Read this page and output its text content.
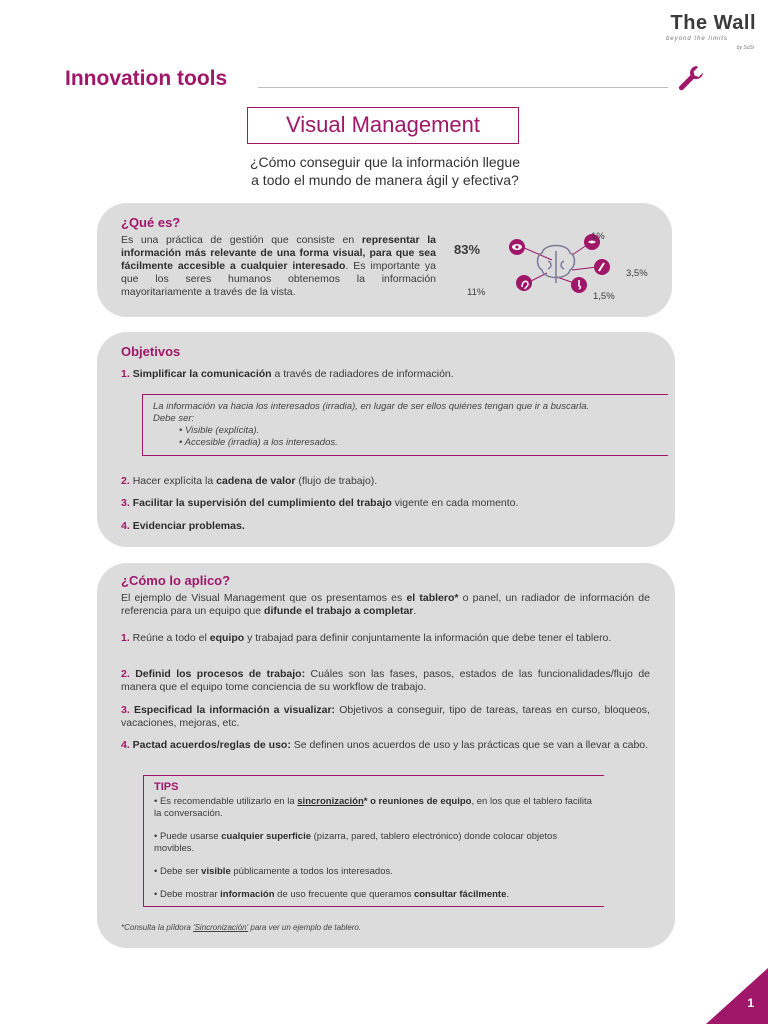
The Wall
beyond the limits
by SuSi
Innovation tools
Visual Management
¿Cómo conseguir que la información llegue
a todo el mundo de manera ágil y efectiva?
¿Qué es?
Es una práctica de gestión que consiste en representar la información más relevante de una forma visual, para que sea fácilmente accesible a cualquier interesado. Es importante ya que los seres humanos obtenemos la información mayoritariamente a través de la vista.
83%
1%
3,5%
1,5%
11%
Objetivos
1. Simplificar la comunicación a través de radiadores de información.
La información va hacia los interesados (irradia), en lugar de ser ellos quiénes tengan que ir a buscarla.
Debe ser:
• Visible (explícita).
• Accesible (irradia) a los interesados.
2. Hacer explícita la cadena de valor (flujo de trabajo).
3. Facilitar la supervisión del cumplimiento del trabajo vigente en cada momento.
4. Evidenciar problemas.
¿Cómo lo aplico?
El ejemplo de Visual Management que os presentamos es el tablero* o panel, un radiador de información de referencia para un equipo que difunde el trabajo a completar.
1. Reúne a todo el equipo y trabajad para definir conjuntamente la información que debe tener el tablero.
2. Definid los procesos de trabajo: Cuáles son las fases, pasos, estados de las funcionalidades/flujo de manera que el equipo tome conciencia de su workflow de trabajo.
3. Especificad la información a visualizar: Objetivos a conseguir, tipo de tareas, tareas en curso, bloqueos, vacaciones, mejoras, etc.
4. Pactad acuerdos/reglas de uso: Se definen unos acuerdos de uso y las prácticas que se van a llevar a cabo.
TIPS
• Es recomendable utilizarlo en la sincronización* o reuniones de equipo, en los que el tablero facilita la conversación.
• Puede usarse cualquier superficie (pizarra, pared, tablero electrónico) donde colocar objetos movibles.
• Debe ser visible públicamente a todos los interesados.
• Debe mostrar información de uso frecuente que queramos consultar fácilmente.
*Consulta la píldora 'Sincronización' para ver un ejemplo de tablero.
1
